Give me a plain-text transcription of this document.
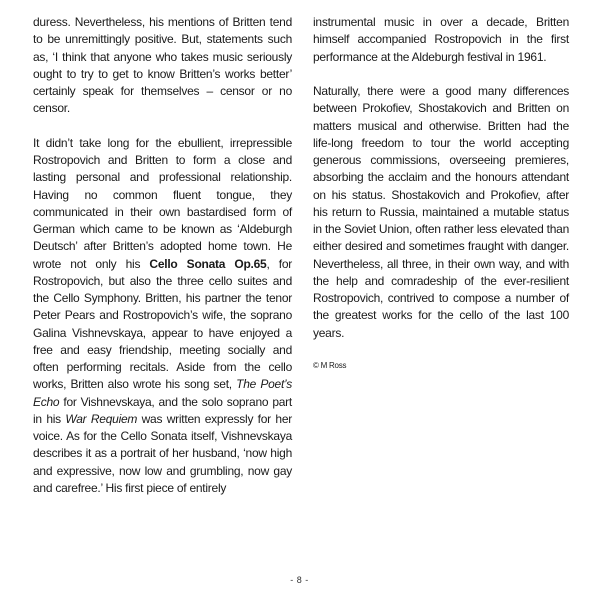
duress. Nevertheless, his mentions of Britten tend to be unremittingly positive. But, statements such as, ‘I think that anyone who takes music seriously ought to try to get to know Britten’s works better’ certainly speak for themselves – censor or no censor.

It didn’t take long for the ebullient, irrepressible Rostropovich and Britten to form a close and lasting personal and professional relationship. Having no common fluent tongue, they communicated in their own bastardised form of German which came to be known as ‘Aldeburgh Deutsch’ after Britten’s adopted home town. He wrote not only his Cello Sonata Op.65, for Rostropovich, but also the three cello suites and the Cello Symphony. Britten, his partner the tenor Peter Pears and Rostropovich’s wife, the soprano Galina Vishnevskaya, appear to have enjoyed a free and easy friendship, meeting socially and often performing recitals. Aside from the cello works, Britten also wrote his song set, The Poet’s Echo for Vishnevskaya, and the solo soprano part in his War Requiem was written expressly for her voice. As for the Cello Sonata itself, Vishnevskaya describes it as a portrait of her husband, ‘now high and expressive, now low and grumbling, now gay and carefree.’ His first piece of entirely

instrumental music in over a decade, Britten himself accompanied Rostropovich in the first performance at the Aldeburgh festival in 1961.

Naturally, there were a good many differences between Prokofiev, Shostakovich and Britten on matters musical and otherwise. Britten had the life-long freedom to tour the world accepting generous commissions, overseeing premieres, absorbing the acclaim and the honours attendant on his status. Shostakovich and Prokofiev, after his return to Russia, maintained a mutable status in the Soviet Union, often rather less elevated than either desired and sometimes fraught with danger. Nevertheless, all three, in their own way, and with the help and comradeship of the ever-resilient Rostropovich, contrived to compose a number of the greatest works for the cello of the last 100 years.

© M Ross

- 8 -
